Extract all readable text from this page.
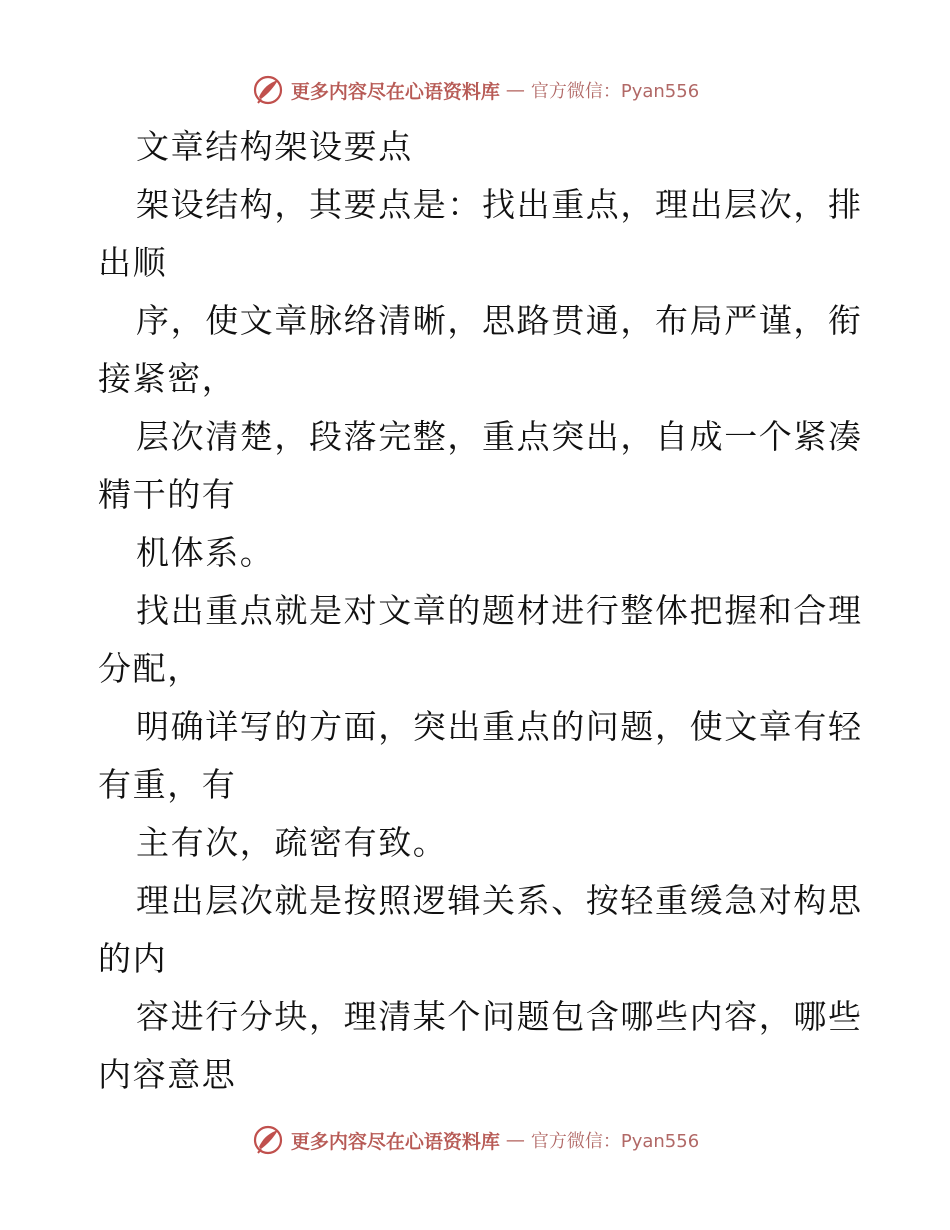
更多内容尽在心语资料库 — 官方微信：Pyan556
文章结构架设要点
架设结构，其要点是：找出重点，理出层次，排
出顺
序，使文章脉络清晰，思路贯通，布局严谨，衔
接紧密，
层次清楚，段落完整，重点突出，自成一个紧凑
精干的有
机体系。
找出重点就是对文章的题材进行整体把握和合理
分配，
明确详写的方面，突出重点的问题，使文章有轻
有重，有
主有次，疏密有致。
理出层次就是按照逻辑关系、按轻重缓急对构思
的内
容进行分块，理清某个问题包含哪些内容，哪些
内容意思
更多内容尽在心语资料库 — 官方微信：Pyan556
